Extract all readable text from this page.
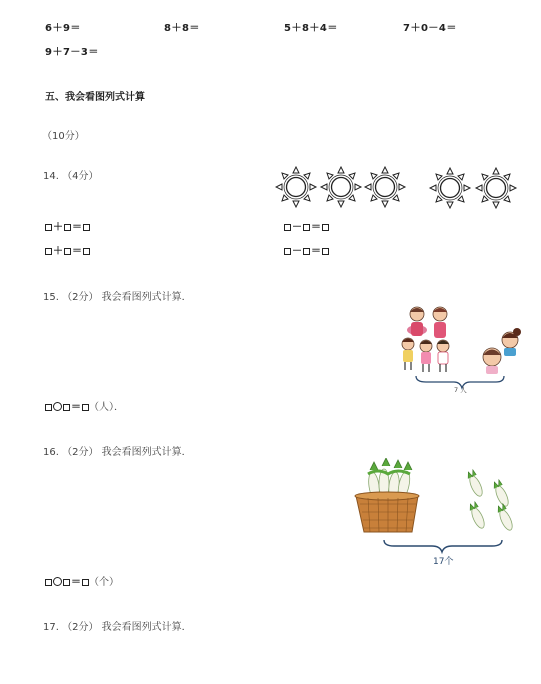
6＋9＝	8＋8＝	5＋8＋4＝	7＋0－4＝
9＋7－3＝
五、我会看图列式计算
（10分）
14. （4分）
＋ ＝
＋ ＝
－ ＝
－ ＝
15. （2分） 我会看图列式计算．
7 人
＝ （人）．
16. （2分） 我会看图列式计算．
17个
＝ （个）
17. （2分） 我会看图列式计算．
